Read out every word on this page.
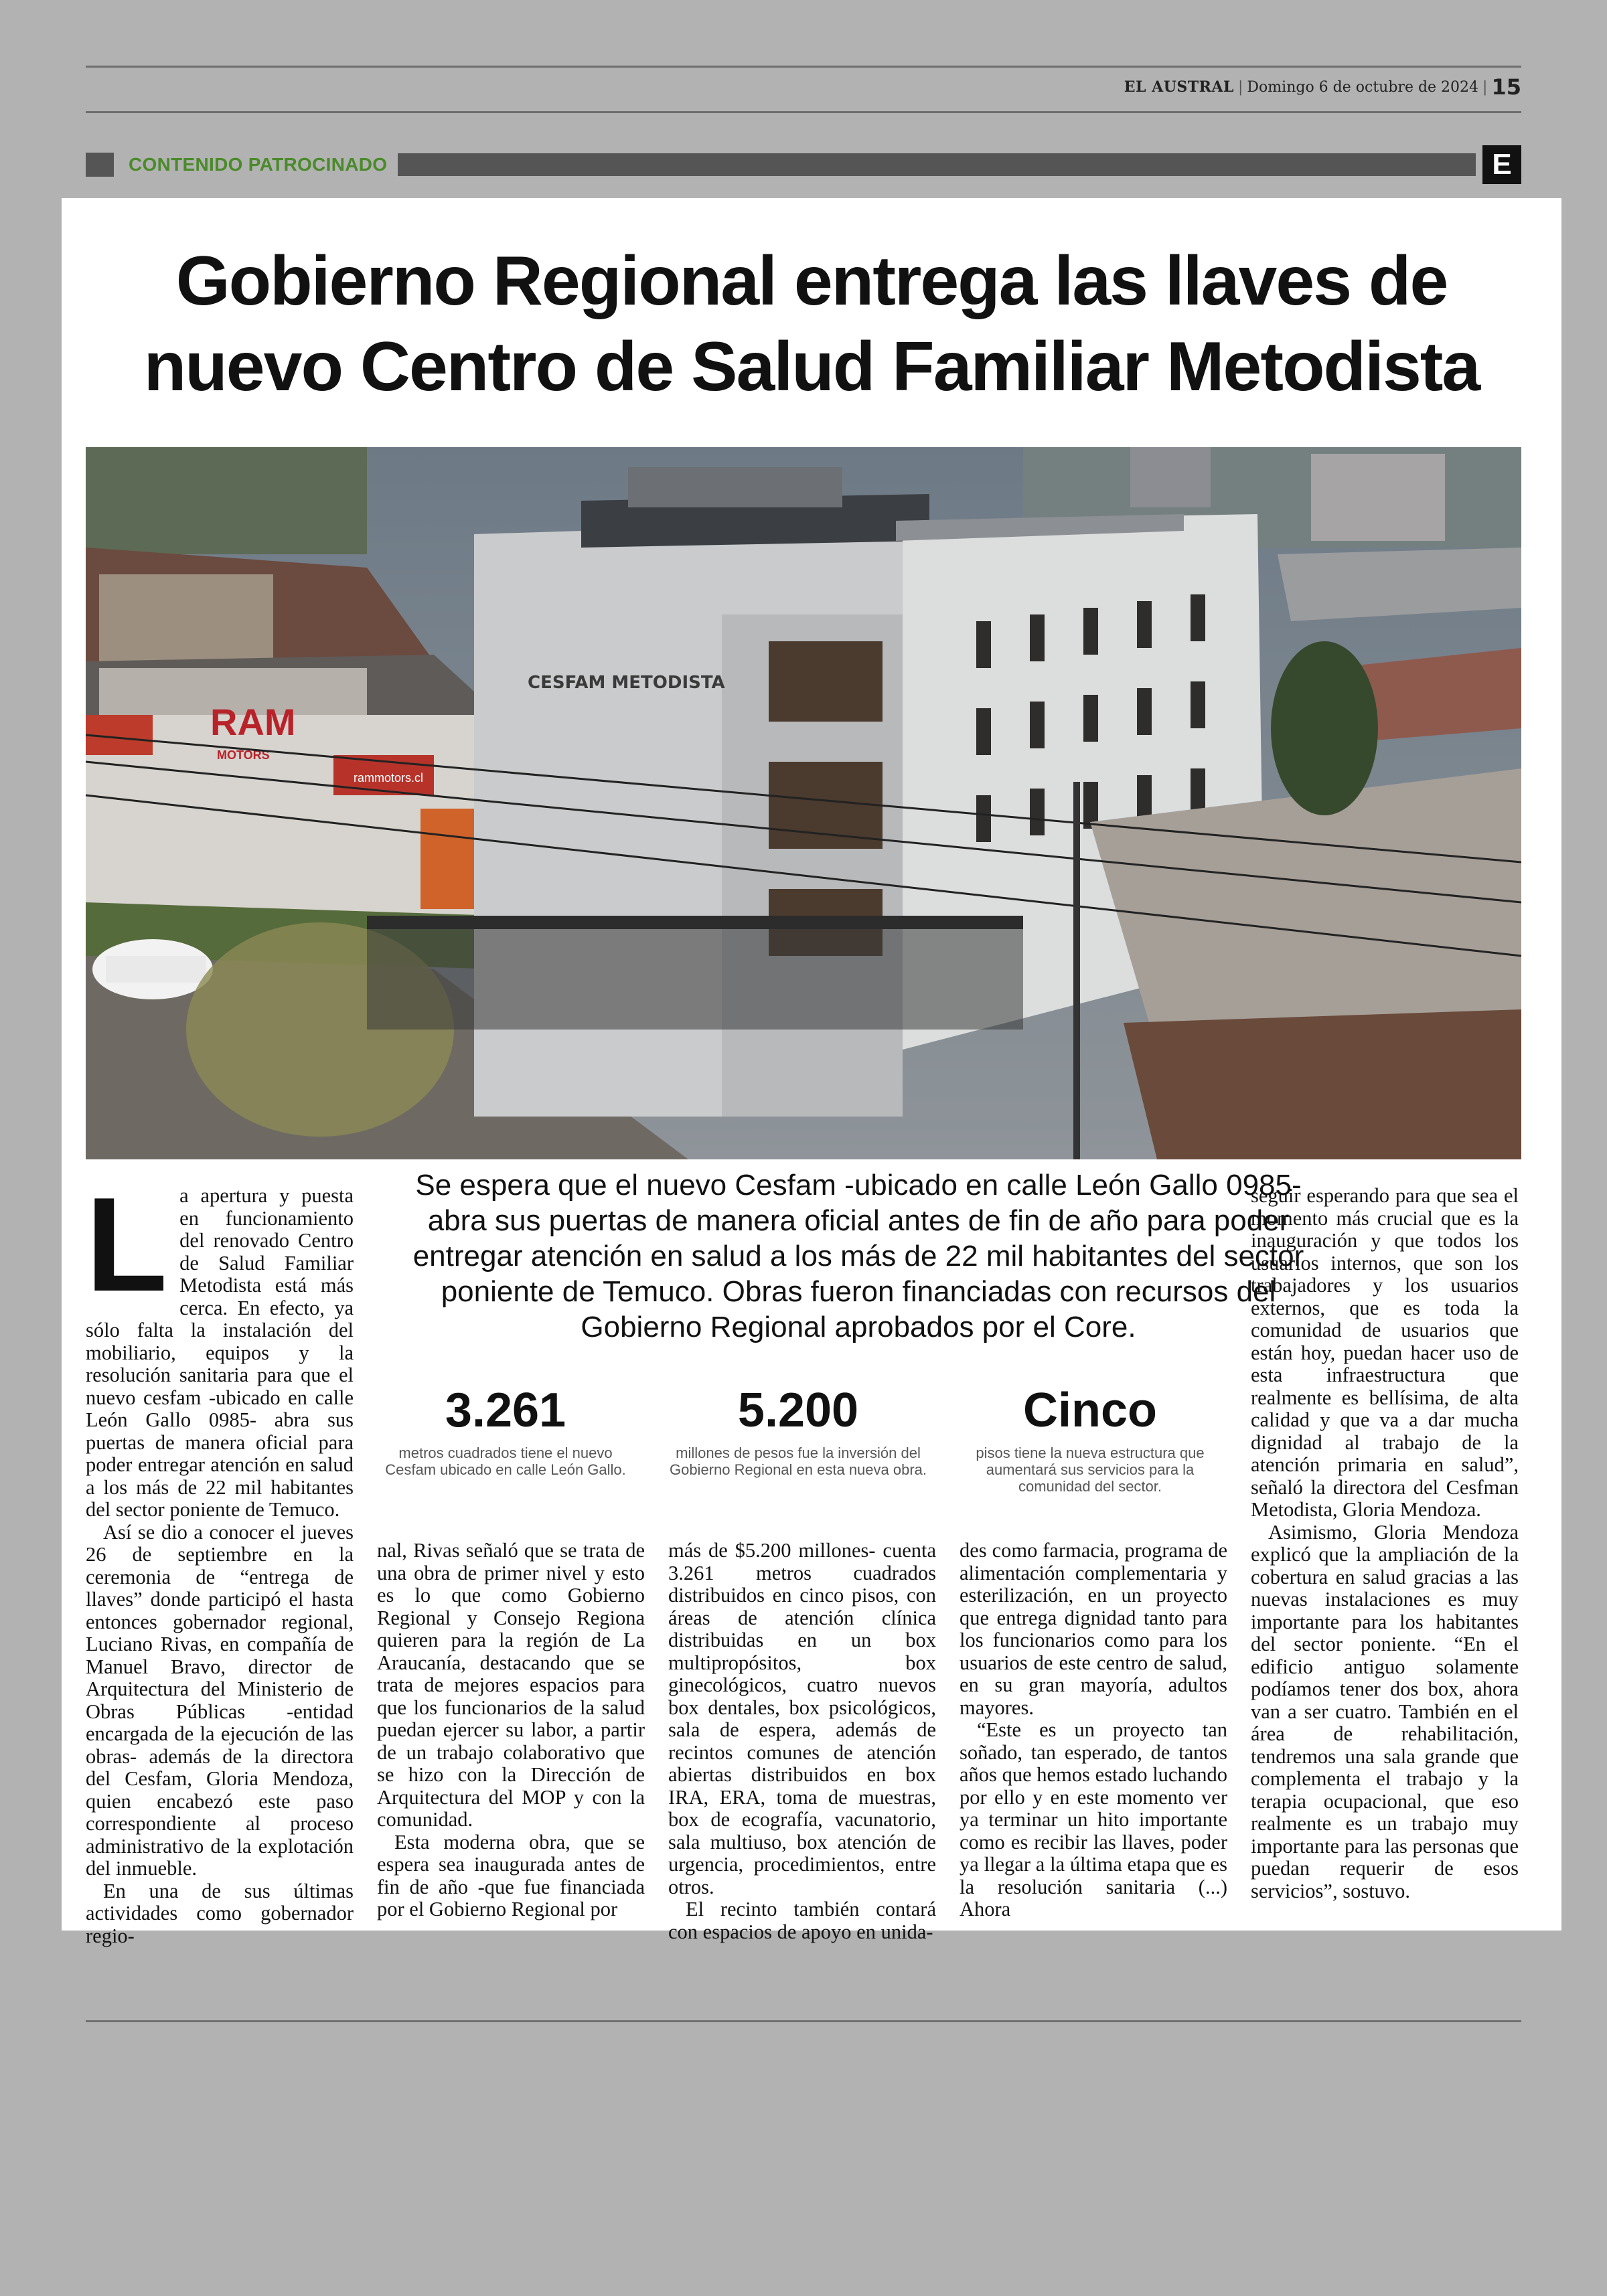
EL AUSTRAL | Domingo 6 de octubre de 2024 | 15
CONTENIDO PATROCINADO	E
Gobierno Regional entrega las llaves de
nuevo Centro de Salud Familiar Metodista
RAM
MOTORS
rammotors.cl
CESFAM METODISTA
Se espera que el nuevo Cesfam -ubicado en calle León Gallo 0985- abra sus puertas de manera oficial antes de fin de año para poder entregar atención en salud a los más de 22 mil habitantes del sector poniente de Temuco. Obras fueron financiadas con recursos del Gobierno Regional aprobados por el Core.
3.261
metros cuadrados tiene el nuevo Cesfam ubicado en calle León Gallo.
5.200
millones de pesos fue la inversión del Gobierno Regional en esta nueva obra.
Cinco
pisos tiene la nueva estructura que aumentará sus servicios para la comunidad del sector.
L a apertura y puesta en funcionamiento del renovado Centro de Salud Familiar Metodista está más cerca. En efecto, ya sólo falta la instalación del mobiliario, equipos y la resolución sanitaria para que el nuevo cesfam -ubicado en calle León Gallo 0985- abra sus puertas de manera oficial para poder entregar atención en salud a los más de 22 mil habitantes del sector poniente de Temuco.

Así se dio a conocer el jueves 26 de septiembre en la ceremonia de “entrega de llaves” donde participó el hasta entonces gobernador regional, Luciano Rivas, en compañía de Manuel Bravo, director de Arquitectura del Ministerio de Obras Públicas -entidad encargada de la ejecución de las obras- además de la directora del Cesfam, Gloria Mendoza, quien encabezó este paso correspondiente al proceso administrativo de la explotación del inmueble.

En una de sus últimas actividades como gobernador regio-

nal, Rivas señaló que se trata de una obra de primer nivel y esto es lo que como Gobierno Regional y Consejo Regiona quieren para la región de La Araucanía, destacando que se trata de mejores espacios para que los funcionarios de la salud puedan ejercer su labor, a partir de un trabajo colaborativo que se hizo con la Dirección de Arquitectura del MOP y con la comunidad.

Esta moderna obra, que se espera sea inaugurada antes de fin de año -que fue financiada por el Gobierno Regional por

más de $5.200 millones- cuenta 3.261 metros cuadrados distribuidos en cinco pisos, con áreas de atención clínica distribuidas en un box multipropósitos, box ginecológicos, cuatro nuevos box dentales, box psicológicos, sala de espera, además de recintos comunes de atención abiertas distribuidos en box IRA, ERA, toma de muestras, box de ecografía, vacunatorio, sala multiuso, box atención de urgencia, procedimientos, entre otros.

El recinto también contará con espacios de apoyo en unida-

des como farmacia, programa de alimentación complementaria y esterilización, en un proyecto que entrega dignidad tanto para los funcionarios como para los usuarios de este centro de salud, en su gran mayoría, adultos mayores.

“Este es un proyecto tan soñado, tan esperado, de tantos años que hemos estado luchando por ello y en este momento ver ya terminar un hito importante como es recibir las llaves, poder ya llegar a la última etapa que es la resolución sanitaria (...) Ahora

seguir esperando para que sea el momento más crucial que es la inauguración y que todos los usuarios internos, que son los trabajadores y los usuarios externos, que es toda la comunidad de usuarios que están hoy, puedan hacer uso de esta infraestructura que realmente es bellísima, de alta calidad y que va a dar mucha dignidad al trabajo de la atención primaria en salud”, señaló la directora del Cesfman Metodista, Gloria Mendoza.

Asimismo, Gloria Mendoza explicó que la ampliación de la cobertura en salud gracias a las nuevas instalaciones es muy importante para los habitantes del sector poniente. “En el edificio antiguo solamente podíamos tener dos box, ahora van a ser cuatro. También en el área de rehabilitación, tendremos una sala grande que complementa el trabajo y la terapia ocupacional, que eso realmente es un trabajo muy importante para las personas que puedan requerir de esos servicios”, sostuvo.
